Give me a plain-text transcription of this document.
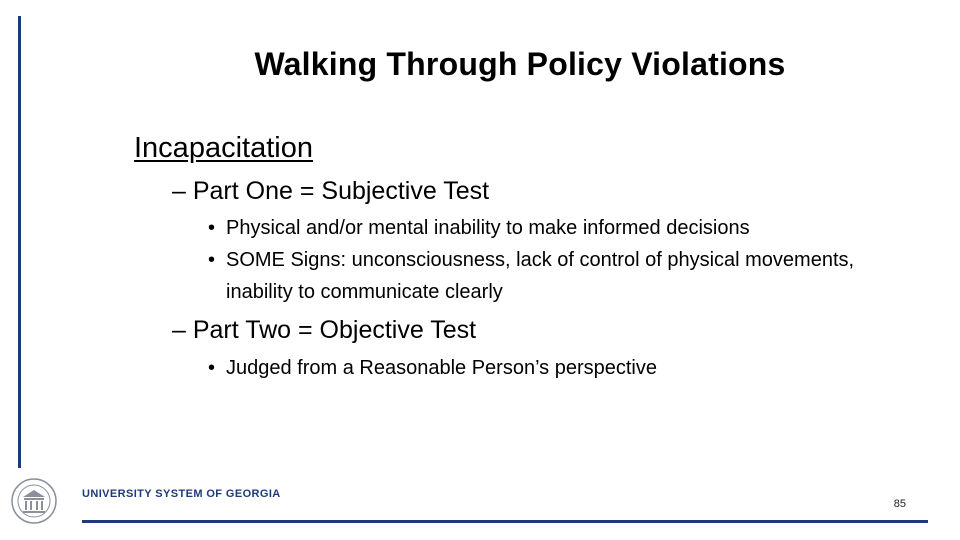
Walking Through Policy Violations
Incapacitation
– Part One = Subjective Test
• Physical and/or mental inability to make informed decisions
• SOME Signs: unconsciousness, lack of control of physical movements, inability to communicate clearly
– Part Two = Objective Test
• Judged from a Reasonable Person’s perspective
UNIVERSITY SYSTEM OF GEORGIA
85
